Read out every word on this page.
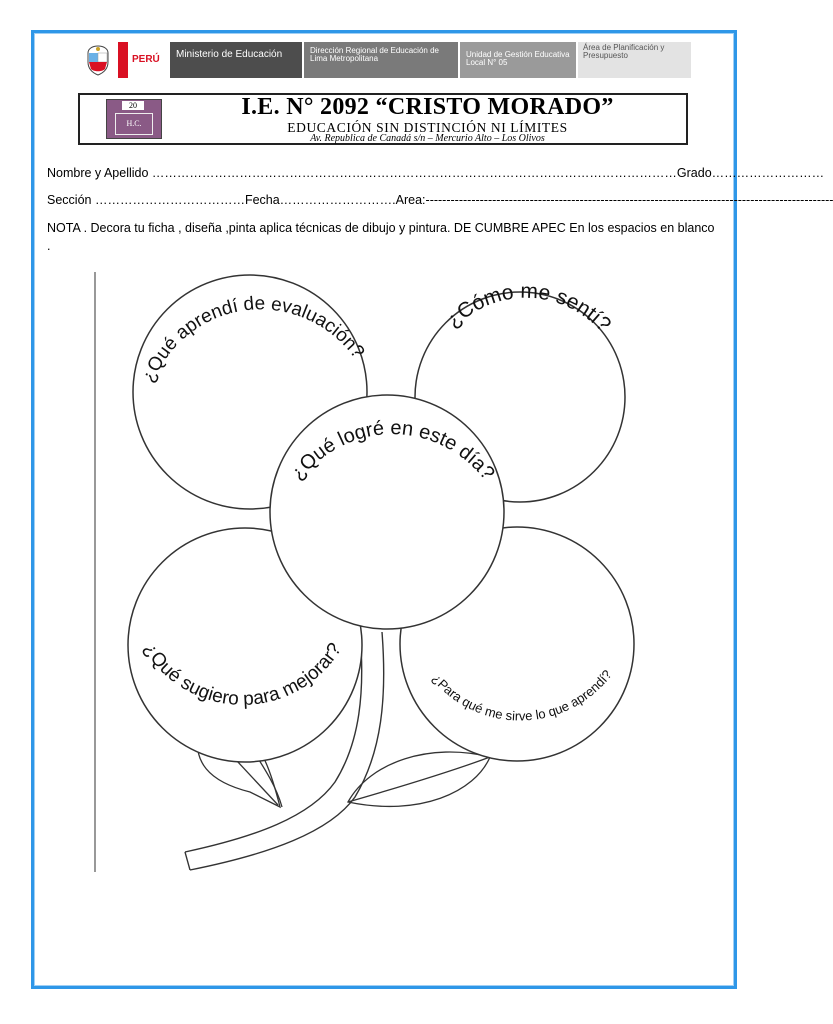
PERÚ	Ministerio de Educación	Dirección Regional de Educación de Lima Metropolitana	Unidad de Gestión Educativa Local N° 05
Área de Planificación y Presupuesto
20
H.C.
I.E. N° 2092 “CRISTO MORADO”
EDUCACIÓN SIN DISTINCIÓN NI LÍMITES
Av. Republica de Canadá s/n – Mercurio Alto – Los Olivos
Nombre y Apellido ………………………………………………………………………………………………………………Grado………………………
Sección ………………………………Fecha……………………….Area:--------------------------------------------------------------------------------------------------
NOTA . Decora tu ficha , diseña ,pinta aplica técnicas de dibujo y pintura. DE CUMBRE APEC En los espacios en blanco .
¿Qué aprendí de evaluación?
¿Cómo me sentí?
¿Qué logré en este día?
¿Qué sugiero para mejorar?
¿Para qué me sirve lo que aprendí?
